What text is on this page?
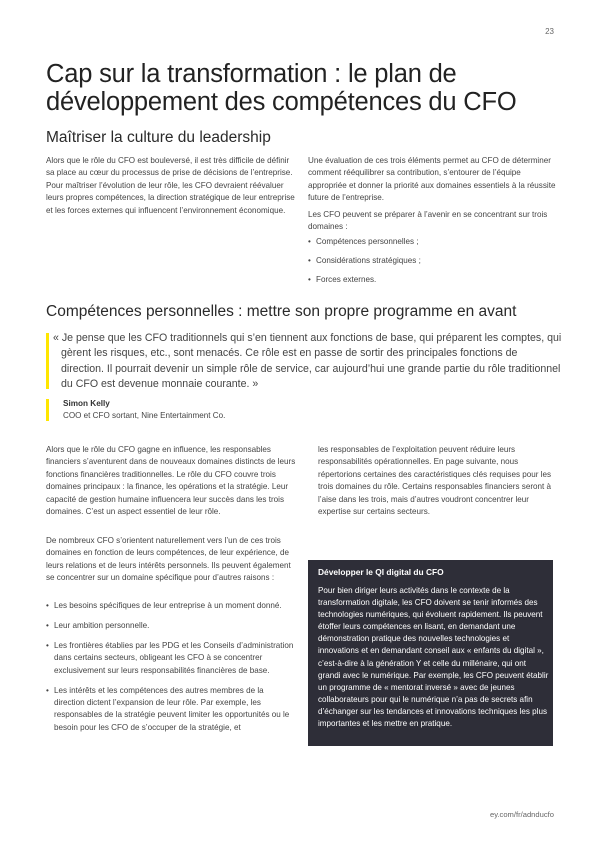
23
Cap sur la transformation : le plan de développement des compétences du CFO
Maîtriser la culture du leadership

Alors que le rôle du CFO est bouleversé, il est très difficile de définir sa place au cœur du processus de prise de décisions de l’entreprise. Pour maîtriser l’évolution de leur rôle, les CFO devraient réévaluer leurs propres compétences, la direction stratégique de leur entreprise et les forces externes qui influencent l’environnement économique.

Une évaluation de ces trois éléments permet au CFO de déterminer comment rééquilibrer sa contribution, s’entourer de l’équipe appropriée et donner la priorité aux domaines essentiels à la réussite future de l’entreprise.

Les CFO peuvent se préparer à l’avenir en se concentrant sur trois domaines :

• Compétences personnelles ;
• Considérations stratégiques ;
• Forces externes.
Compétences personnelles : mettre son propre programme en avant

« Je pense que les CFO traditionnels qui s’en tiennent aux fonctions de base, qui préparent les comptes, qui gèrent les risques, etc., sont menacés. Ce rôle est en passe de sortir des principales fonctions de direction. Il pourrait devenir un simple rôle de service, car aujourd’hui une grande partie du rôle traditionnel du CFO est devenue monnaie courante. »

Simon Kelly
COO et CFO sortant, Nine Entertainment Co.

Alors que le rôle du CFO gagne en influence, les responsables financiers s’aventurent dans de nouveaux domaines distincts de leurs fonctions financières traditionnelles. Le rôle du CFO couvre trois domaines principaux : la finance, les opérations et la stratégie. Leur capacité de gestion humaine influencera leur succès dans les trois domaines. C’est un aspect essentiel de leur rôle.

les responsables de l’exploitation peuvent réduire leurs responsabilités opérationnelles. En page suivante, nous répertorions certaines des caractéristiques clés requises pour les trois domaines du rôle. Certains responsables financiers seront à l’aise dans les trois, mais d’autres voudront concentrer leur expertise sur certains secteurs.

De nombreux CFO s’orientent naturellement vers l’un de ces trois domaines en fonction de leurs compétences, de leur expérience, de leurs relations et de leurs intérêts personnels. Ils peuvent également se concentrer sur un domaine spécifique pour d’autres raisons :

• Les besoins spécifiques de leur entreprise à un moment donné.
• Leur ambition personnelle.
• Les frontières établies par les PDG et les Conseils d’administration dans certains secteurs, obligeant les CFO à se concentrer exclusivement sur leurs responsabilités financières de base.
• Les intérêts et les compétences des autres membres de la direction dictent l’expansion de leur rôle. Par exemple, les responsables de la stratégie peuvent limiter les opportunités ou le besoin pour les CFO de s’occuper de la stratégie, et
Développer le QI digital du CFO

Pour bien diriger leurs activités dans le contexte de la transformation digitale, les CFO doivent se tenir informés des technologies numériques, qui évoluent rapidement. Ils peuvent étoffer leurs compétences en lisant, en demandant une démonstration pratique des nouvelles technologies et innovations et en demandant conseil aux « enfants du digital », c’est-à-dire à la génération Y et celle du millénaire, qui ont grandi avec le numérique. Par exemple, les CFO peuvent établir un programme de « mentorat inversé » avec de jeunes collaborateurs pour qui le numérique n’a pas de secrets afin d’échanger sur les tendances et innovations techniques les plus importantes et les mettre en pratique.

ey.com/fr/adnducfo
